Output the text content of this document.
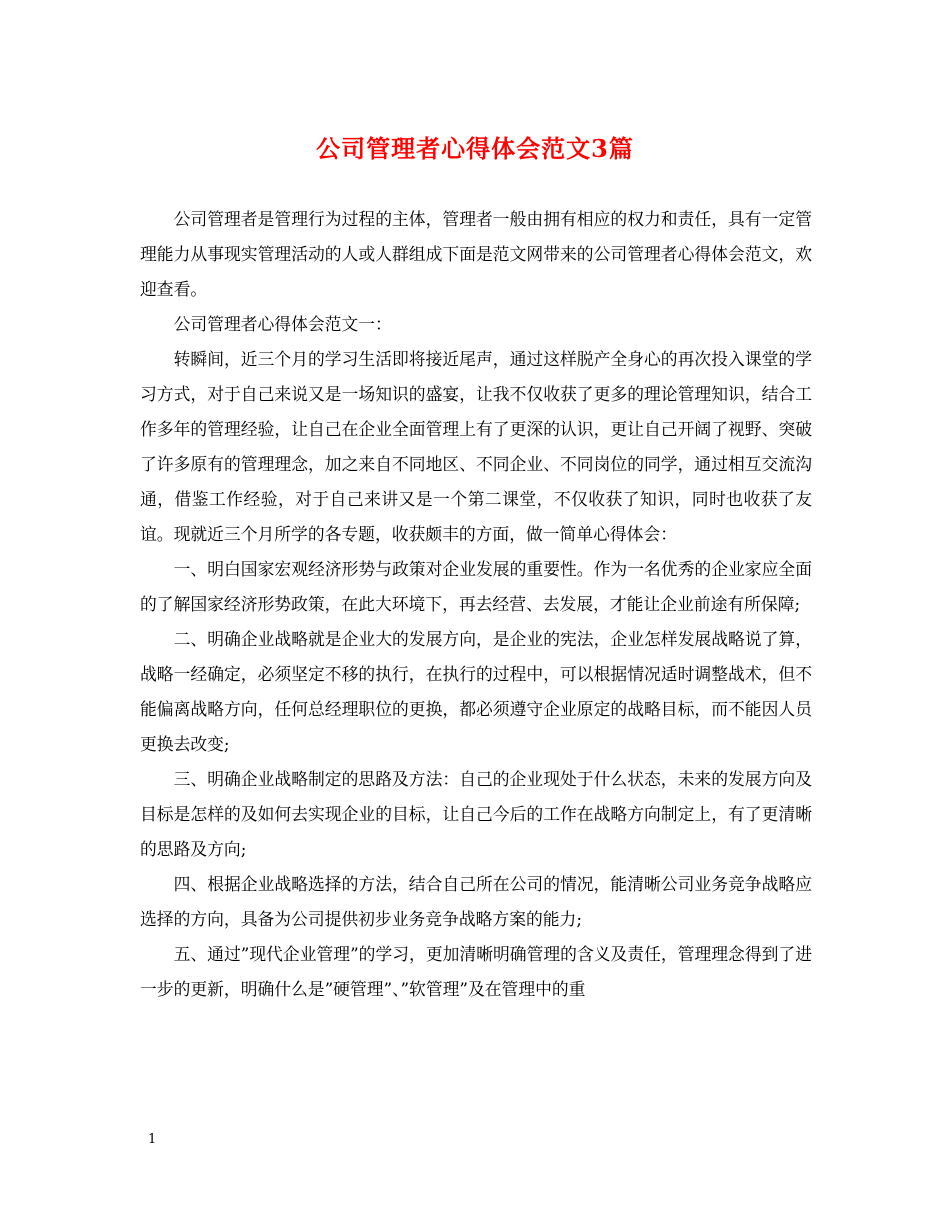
公司管理者心得体会范文3篇

公司管理者是管理行为过程的主体，管理者一般由拥有相应的权力和责任，具有一定管理能力从事现实管理活动的人或人群组成下面是范文网带来的公司管理者心得体会范文，欢迎查看。

公司管理者心得体会范文一：

转瞬间，近三个月的学习生活即将接近尾声，通过这样脱产全身心的再次投入课堂的学习方式，对于自己来说又是一场知识的盛宴，让我不仅收获了更多的理论管理知识，结合工作多年的管理经验，让自己在企业全面管理上有了更深的认识，更让自己开阔了视野、突破了许多原有的管理理念，加之来自不同地区、不同企业、不同岗位的同学，通过相互交流沟通，借鉴工作经验，对于自己来讲又是一个第二课堂，不仅收获了知识，同时也收获了友谊。现就近三个月所学的各专题，收获颇丰的方面，做一简单心得体会：

一、明白国家宏观经济形势与政策对企业发展的重要性。作为一名优秀的企业家应全面的了解国家经济形势政策，在此大环境下，再去经营、去发展，才能让企业前途有所保障;

二、明确企业战略就是企业大的发展方向，是企业的宪法，企业怎样发展战略说了算，战略一经确定，必须坚定不移的执行，在执行的过程中，可以根据情况适时调整战术，但不能偏离战略方向，任何总经理职位的更换，都必须遵守企业原定的战略目标，而不能因人员更换去改变;

三、明确企业战略制定的思路及方法：自己的企业现处于什么状态，未来的发展方向及目标是怎样的及如何去实现企业的目标，让自己今后的工作在战略方向制定上，有了更清晰的思路及方向;

四、根据企业战略选择的方法，结合自己所在公司的情况，能清晰公司业务竞争战略应选择的方向，具备为公司提供初步业务竞争战略方案的能力;

五、通过”现代企业管理”的学习，更加清晰明确管理的含义及责任，管理理念得到了进一步的更新，明确什么是”硬管理”、”软管理”及在管理中的重

1
